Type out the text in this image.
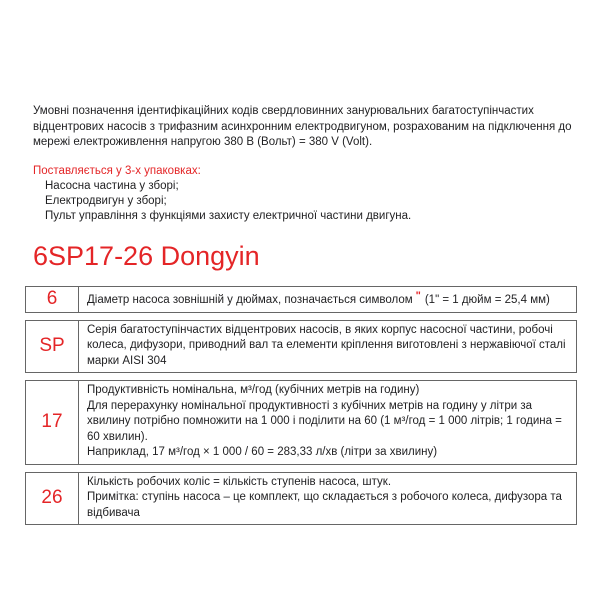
Умовні позначення ідентифікаційних кодів свердловинних занурювальних багатоступінчастих відцентрових насосів з трифазним асинхронним електродвигуном, розрахованим на підключення до мережі електроживлення напругою 380 В (Вольт) = 380 V (Volt).
Поставляється у 3-х упаковках:
Насосна частина у зборі;
Електродвигун у зборі;
Пульт управління з функціями захисту електричної частини двигуна.
6SP17-26 Dongyin
6	Діаметр насоса зовнішній у дюймах, позначається символом " (1" = 1 дюйм = 25,4 мм)

SP

Серія багатоступінчастих відцентрових насосів, в яких корпус насосної частини, робочі колеса, дифузори, приводний вал та елементи кріплення виготовлені з нержавіючої сталі марки AISI 304

17

Продуктивність номінальна, м³/год (кубічних метрів на годину)

Для перерахунку номінальної продуктивності з кубічних метрів на годину у літри за хвилину потрібно помножити на 1 000 і поділити на 60 (1 м³/год = 1 000 літрів; 1 година = 60 хвилин).

Наприклад, 17 м³/год × 1 000 / 60 = 283,33 л/хв (літри за хвилину)

26

Кількість робочих коліс = кількість ступенів насоса, штук.

Примітка: ступінь насоса – це комплект, що складається з робочого колеса, дифузора та відбивача
